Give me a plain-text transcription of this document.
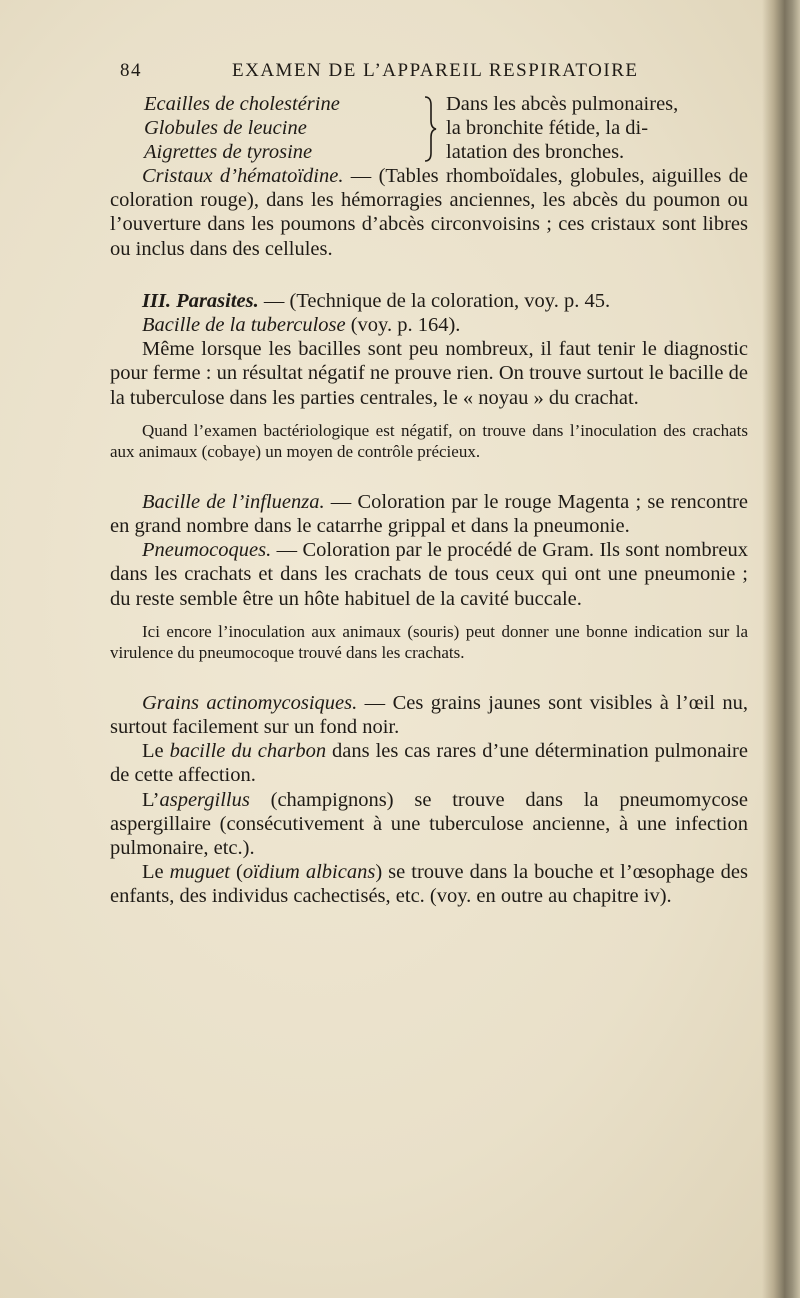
84	EXAMEN DE L’APPAREIL RESPIRATOIRE
Ecailles de cholestérine
Globules de leucine
Aigrettes de tyrosine
Dans les abcès pulmonaires,
la bronchite fétide, la di-
latation des bronches.

Cristaux d’hématoïdine. — (Tables rhomboïdales, globules, aiguilles de coloration rouge), dans les hémorragies anciennes, les abcès du poumon ou l’ouverture dans les poumons d’abcès circonvoisins ; ces cristaux sont libres ou inclus dans des cellules.

III. Parasites. — (Technique de la coloration, voy. p. 45.

Bacille de la tuberculose (voy. p. 164).

Même lorsque les bacilles sont peu nombreux, il faut tenir le diagnostic pour ferme : un résultat négatif ne prouve rien. On trouve surtout le bacille de la tuberculose dans les parties centrales, le « noyau » du crachat.

Quand l’examen bactériologique est négatif, on trouve dans l’inoculation des crachats aux animaux (cobaye) un moyen de contrôle précieux.

Bacille de l’influenza. — Coloration par le rouge Magenta ; se rencontre en grand nombre dans le catarrhe grippal et dans la pneumonie.

Pneumocoques. — Coloration par le procédé de Gram. Ils sont nombreux dans les crachats et dans les crachats de tous ceux qui ont une pneumonie ; du reste semble être un hôte habituel de la cavité buccale.

Ici encore l’inoculation aux animaux (souris) peut donner une bonne indication sur la virulence du pneumocoque trouvé dans les crachats.

Grains actinomycosiques. — Ces grains jaunes sont visibles à l’œil nu, surtout facilement sur un fond noir.

Le bacille du charbon dans les cas rares d’une détermination pulmonaire de cette affection.

L’aspergillus (champignons) se trouve dans la pneumomycose aspergillaire (consécutivement à une tuberculose ancienne, à une infection pulmonaire, etc.).

Le muguet (oïdium albicans) se trouve dans la bouche et l’œsophage des enfants, des individus cachectisés, etc. (voy. en outre au chapitre iv).
